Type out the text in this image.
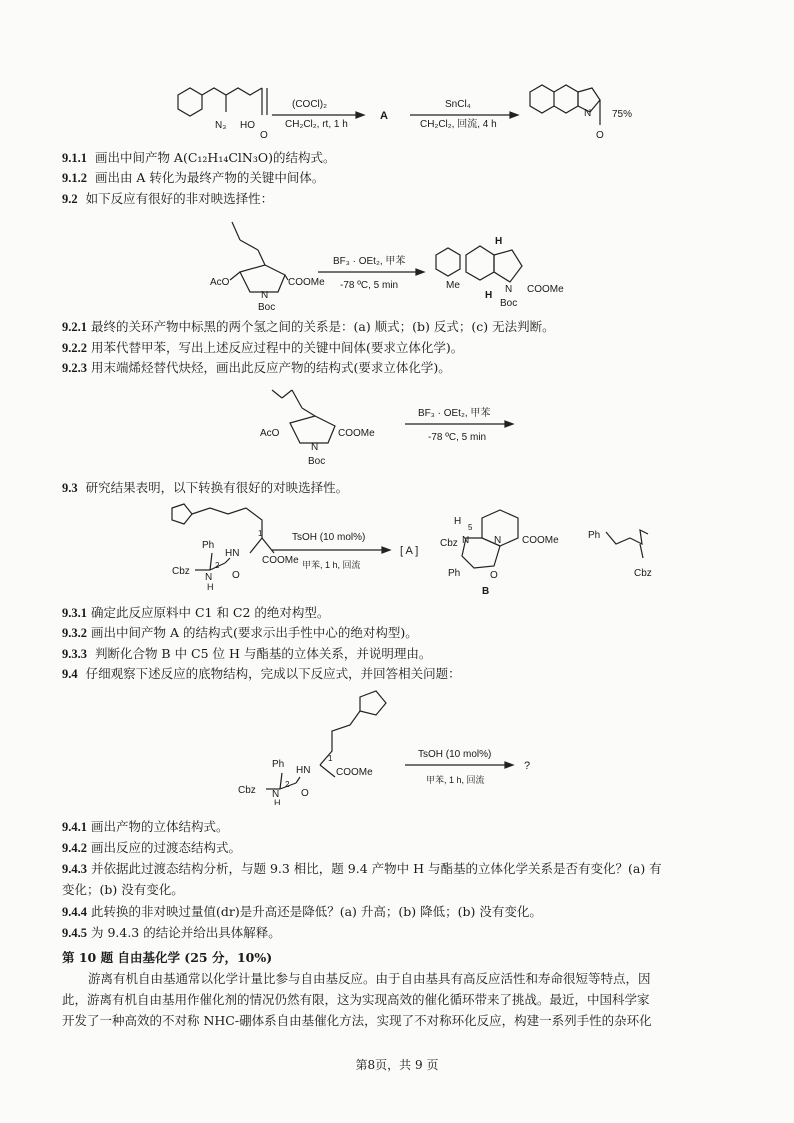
N₃ HO
O
(COCl)₂
CH₂Cl₂, rt, 1 h
A
SnCl₄
CH₂Cl₂, 回流, 4 h
N
O
75%
9.1.1 画出中间产物 A(C₁₂H₁₄ClN₃O)的结构式。
9.1.2 画出由 A 转化为最终产物的关键中间体。
9.2 如下反应有很好的非对映选择性：
AcO	COOMe
N
Boc
BF₃ · OEt₂, 甲苯
-78 ºC, 5 min
H
H
Me	COOMe
N
Boc
9.2.1 最终的关环产物中标黑的两个氢之间的关系是：(a) 顺式；(b) 反式；(c) 无法判断。
9.2.2 用苯代替甲苯，写出上述反应过程中的关键中间体(要求立体化学)。
9.2.3 用末端烯烃替代炔烃，画出此反应产物的结构式(要求立体化学)。
AcO	COOMe
N
Boc
BF₃ · OEt₂, 甲苯
-78 ºC, 5 min
9.3 研究结果表明，以下转换有很好的对映选择性。
Ph
HN
1
2	COOMe
Cbz
N
H
O
TsOH (10 mol%)
甲苯, 1 h, 回流
[ A ]
H
5
Cbz N N COOMe
Ph	O
B
Ph
Cbz
9.3.1 确定此反应原料中 C1 和 C2 的绝对构型。
9.3.2 画出中间产物 A 的结构式(要求示出手性中心的绝对构型)。
9.3.3 判断化合物 B 中 C5 位 H 与酯基的立体关系，并说明理由。
9.4 仔细观察下述反应的底物结构，完成以下反应式，并回答相关问题：
Ph
HN
1
2
COOMe
Cbz N
H
O
TsOH (10 mol%)
甲苯, 1 h, 回流
?
9.4.1 画出产物的立体结构式。
9.4.2 画出反应的过渡态结构式。
9.4.3 并依据此过渡态结构分析，与题 9.3 相比，题 9.4 产物中 H 与酯基的立体化学关系是否有变化？(a) 有
变化；(b) 没有变化。
9.4.4 此转换的非对映过量值(dr)是升高还是降低？(a) 升高；(b) 降低；(b) 没有变化。
9.4.5 为 9.4.3 的结论并给出具体解释。
第 10 题 自由基化学 (25 分，10%)
游离有机自由基通常以化学计量比参与自由基反应。由于自由基具有高反应活性和寿命很短等特点，因
此，游离有机自由基用作催化剂的情况仍然有限，这为实现高效的催化循环带来了挑战。最近，中国科学家
开发了一种高效的不对称 NHC-硼体系自由基催化方法，实现了不对称环化反应，构建一系列手性的杂环化
第8页，共 9 页
